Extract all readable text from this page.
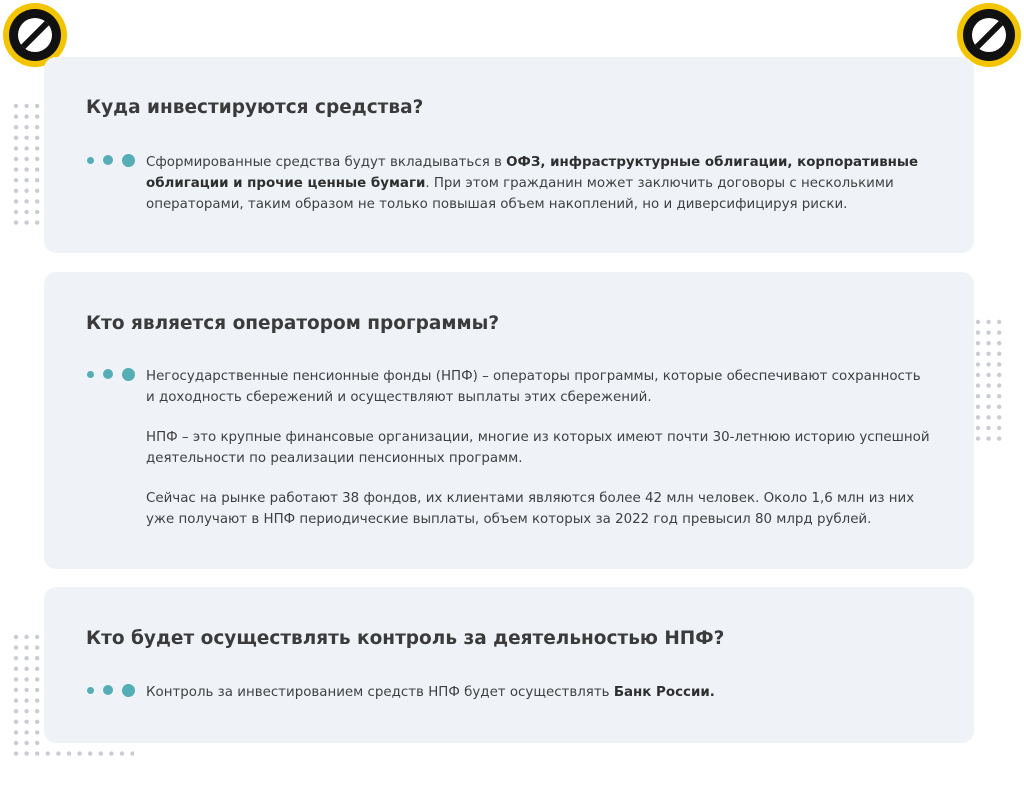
Куда инвестируются средства?

Сформированные средства будут вкладываться в ОФЗ, инфраструктурные облигации, корпоративные облигации и прочие ценные бумаги. При этом гражданин может заключить договоры с несколькими операторами, таким образом не только повышая объем накоплений, но и диверсифицируя риски.

Кто является оператором программы?

Негосударственные пенсионные фонды (НПФ) – операторы программы, которые обеспечивают сохранность и доходность сбережений и осуществляют выплаты этих сбережений.

НПФ – это крупные финансовые организации, многие из которых имеют почти 30-летнюю историю успешной деятельности по реализации пенсионных программ.

Сейчас на рынке работают 38 фондов, их клиентами являются более 42 млн человек. Около 1,6 млн из них уже получают в НПФ периодические выплаты, объем которых за 2022 год превысил 80 млрд рублей.

Кто будет осуществлять контроль за деятельностью НПФ?

Контроль за инвестированием средств НПФ будет осуществлять Банк России.
